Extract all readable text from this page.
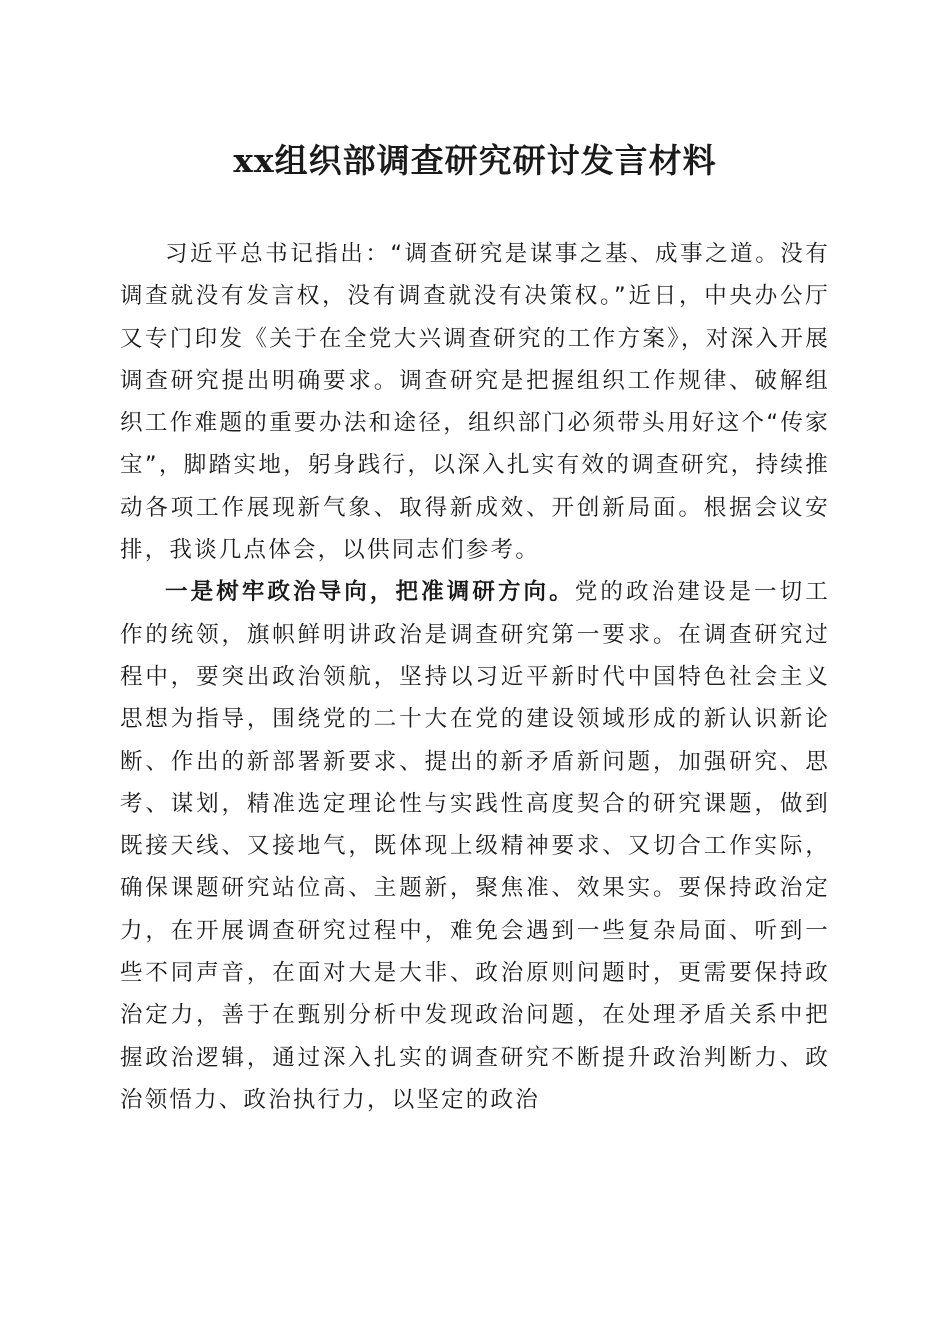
xx组织部调查研究研讨发言材料

习近平总书记指出：“调查研究是谋事之基、成事之道。没有调查就没有发言权，没有调查就没有决策权。”近日，中央办公厅又专门印发《关于在全党大兴调查研究的工作方案》，对深入开展调查研究提出明确要求。调查研究是把握组织工作规律、破解组织工作难题的重要办法和途径，组织部门必须带头用好这个“传家宝”，脚踏实地，躬身践行，以深入扎实有效的调查研究，持续推动各项工作展现新气象、取得新成效、开创新局面。根据会议安排，我谈几点体会，以供同志们参考。

一是树牢政治导向，把准调研方向。党的政治建设是一切工作的统领，旗帜鲜明讲政治是调查研究第一要求。在调查研究过程中，要突出政治领航，坚持以习近平新时代中国特色社会主义思想为指导，围绕党的二十大在党的建设领域形成的新认识新论断、作出的新部署新要求、提出的新矛盾新问题，加强研究、思考、谋划，精准选定理论性与实践性高度契合的研究课题，做到既接天线、又接地气，既体现上级精神要求、又切合工作实际，确保课题研究站位高、主题新，聚焦准、效果实。要保持政治定力，在开展调查研究过程中，难免会遇到一些复杂局面、听到一些不同声音，在面对大是大非、政治原则问题时，更需要保持政治定力，善于在甄别分析中发现政治问题，在处理矛盾关系中把握政治逻辑，通过深入扎实的调查研究不断提升政治判断力、政治领悟力、政治执行力，以坚定的政治
